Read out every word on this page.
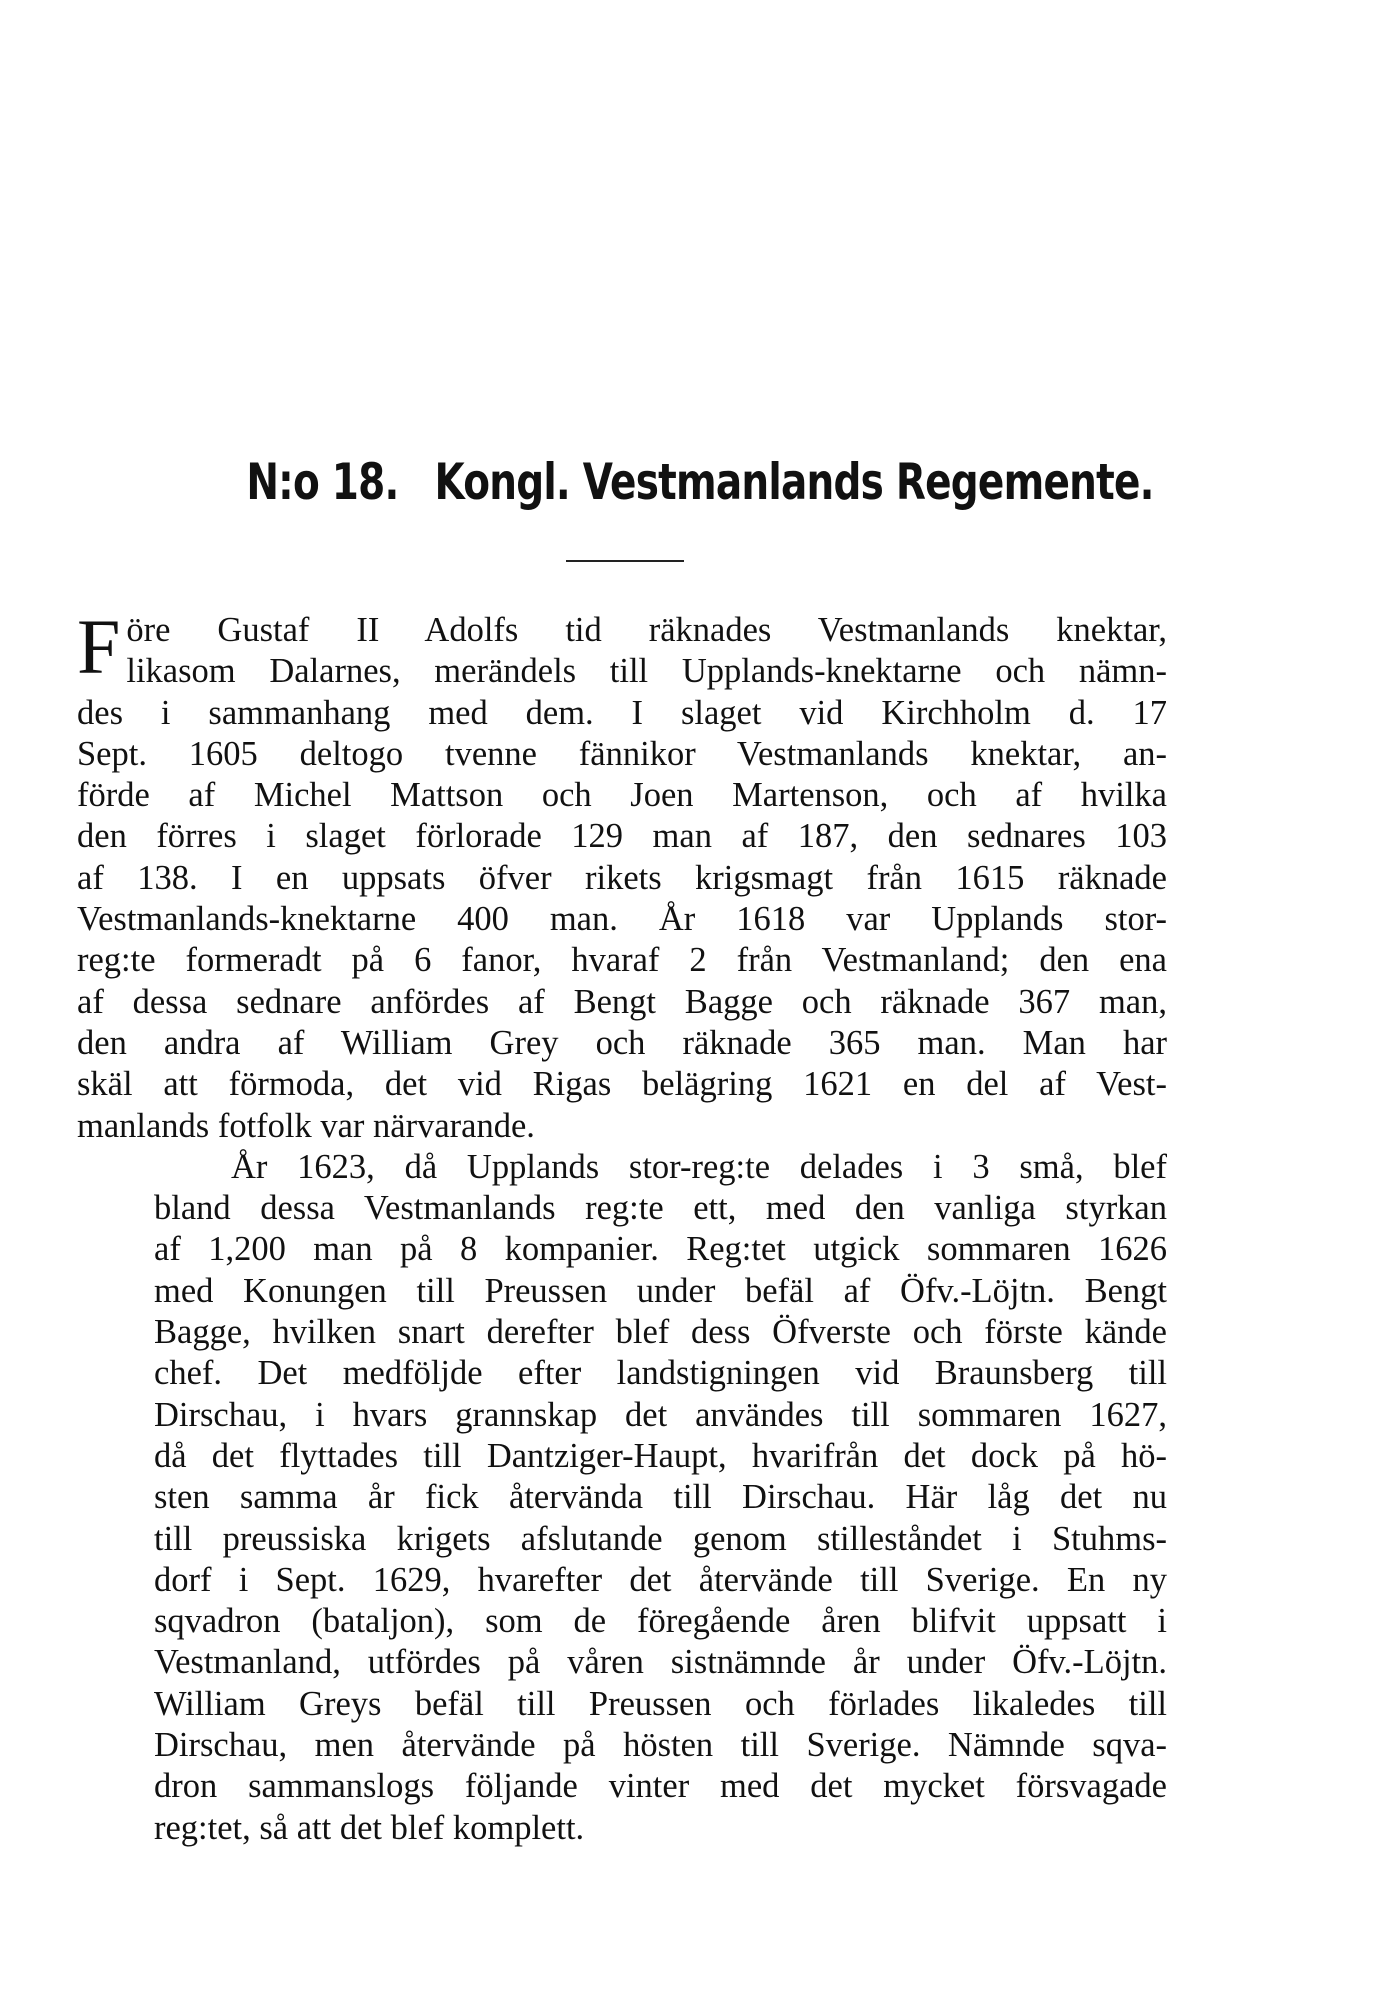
N:o 18. Kongl. Vestmanlands Regemente.
F öre Gustaf II Adolfs tid räknades Vestmanlands knektar,
likasom Dalarnes, merändels till Upplands-knektarne och nämn-
des i sammanhang med dem. I slaget vid Kirchholm d. 17
Sept. 1605 deltogo tvenne fännikor Vestmanlands knektar, an-
förde af Michel Mattson och Joen Martenson, och af hvilka
den förres i slaget förlorade 129 man af 187, den sednares 103
af 138. I en uppsats öfver rikets krigsmagt från 1615 räknade
Vestmanlands-knektarne 400 man. År 1618 var Upplands stor-
reg:te formeradt på 6 fanor, hvaraf 2 från Vestmanland; den ena
af dessa sednare anfördes af Bengt Bagge och räknade 367 man,
den andra af William Grey och räknade 365 man. Man har
skäl att förmoda, det vid Rigas belägring 1621 en del af Vest-
manlands fotfolk var närvarande.
År 1623, då Upplands stor-reg:te delades i 3 små, blef
bland dessa Vestmanlands reg:te ett, med den vanliga styrkan
af 1,200 man på 8 kompanier. Reg:tet utgick sommaren 1626
med Konungen till Preussen under befäl af Öfv.-Löjtn. Bengt
Bagge, hvilken snart derefter blef dess Öfverste och förste kände
chef. Det medföljde efter landstigningen vid Braunsberg till
Dirschau, i hvars grannskap det användes till sommaren 1627,
då det flyttades till Dantziger-Haupt, hvarifrån det dock på hö-
sten samma år fick återvända till Dirschau. Här låg det nu
till preussiska krigets afslutande genom stilleståndet i Stuhms-
dorf i Sept. 1629, hvarefter det återvände till Sverige. En ny
sqvadron (bataljon), som de föregående åren blifvit uppsatt i
Vestmanland, utfördes på våren sistnämnde år under Öfv.-Löjtn.
William Greys befäl till Preussen och förlades likaledes till
Dirschau, men återvände på hösten till Sverige. Nämnde sqva-
dron sammanslogs följande vinter med det mycket försvagade
reg:tet, så att det blef komplett.
